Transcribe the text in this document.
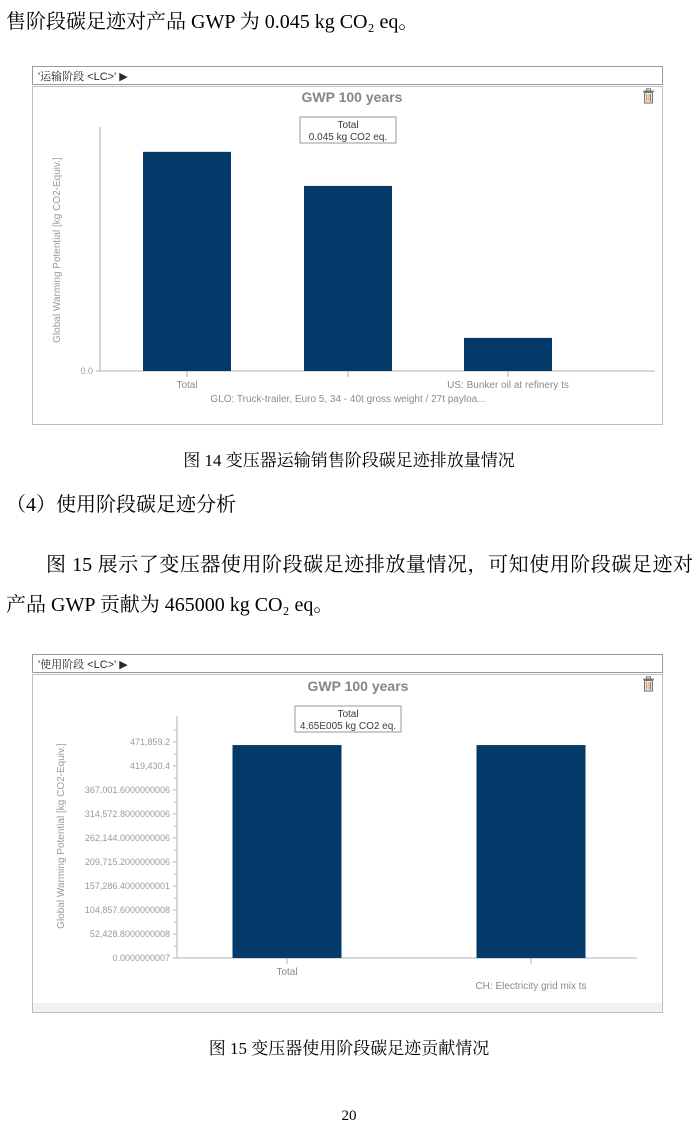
售阶段碳足迹对产品 GWP 为 0.045 kg CO₂ eq。
'运输阶段 <LC>' ▶
GWP 100 years
Total
0.045 kg CO2 eq.
Global Warming Potential [kg CO2-Equiv.]
0.0
Total
GLO: Truck-trailer, Euro 5, 34 - 40t gross weight / 27t payloa...
US: Bunker oil at refinery ts
图 14 变压器运输销售阶段碳足迹排放量情况
（4）使用阶段碳足迹分析
图 15 展示了变压器使用阶段碳足迹排放量情况，可知使用阶段碳足迹对产品 GWP 贡献为 465000 kg CO₂ eq。
'使用阶段 <LC>' ▶
GWP 100 years
Total
4.65E005 kg CO2 eq.
Global Warming Potential [kg CO2-Equiv.]
0.0000000007
52,428.8000000008
104,857.6000000008
157,286.4000000001
209,715.2000000006
262,144.0000000006
314,572.8000000006
367,001.6000000006
419,430.4
471,859.2
Total
CH: Electricity grid mix ts
图 15 变压器使用阶段碳足迹贡献情况
20
